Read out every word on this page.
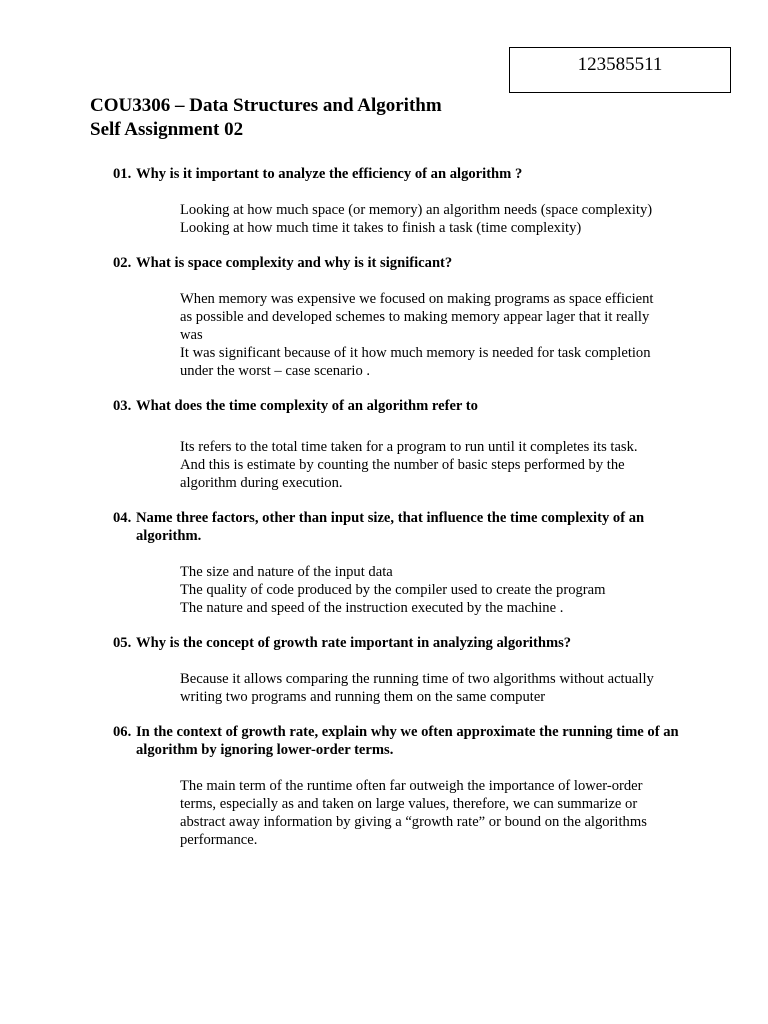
123585511
COU3306 – Data Structures and Algorithm
Self Assignment 02
01. Why is it important to analyze the efficiency of an algorithm ?
Looking at how much space (or memory) an algorithm needs (space complexity)
Looking at how much time it takes to finish a task (time complexity)
02. What is space complexity and why is it significant?
When memory was expensive we focused on making programs as space efficient
as possible and developed schemes to making memory appear lager that it really
was
It was significant because of it how much memory is needed for task completion
under the worst – case scenario .
03. What does the time complexity of an algorithm refer to
Its refers to the total time taken for a program to run until it completes its task.
And this is estimate by counting the number of basic steps performed by the
algorithm during execution.
04. Name three factors, other than input size, that influence the time complexity of an algorithm.
The size and nature of the input data
The quality of code produced by the compiler used to create the program
The nature and speed of the instruction executed by the machine .
05. Why is the concept of growth rate important in analyzing algorithms?
Because it allows comparing the running time of two algorithms without actually
writing two programs and running them on the same computer
06. In the context of growth rate, explain why we often approximate the running time of an algorithm by ignoring lower-order terms.
The main term of the runtime often far outweigh the importance of lower-order
terms, especially as and taken on large values, therefore, we can summarize or
abstract away information by giving a “growth rate” or bound on the algorithms
performance.
